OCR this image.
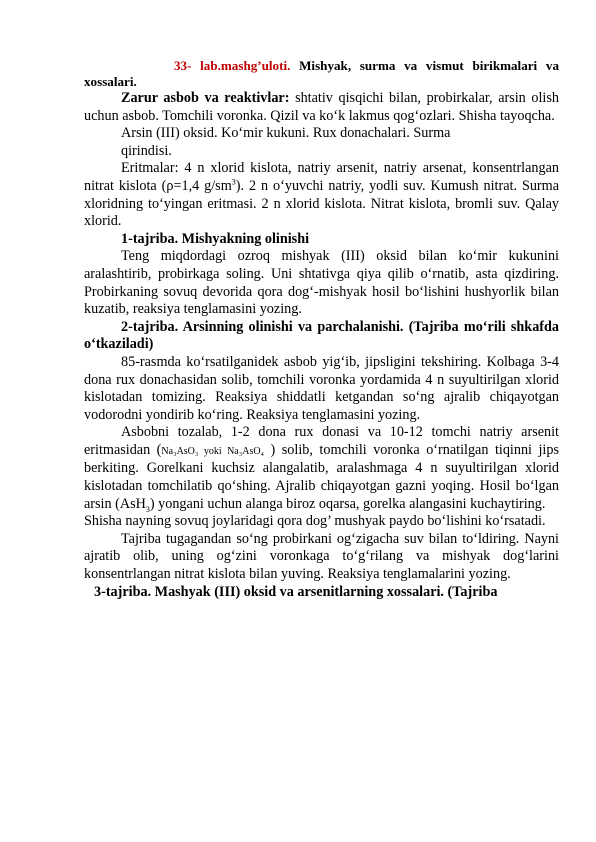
33- lab.mashg’uloti. Mishyak, surma va vismut birikmalari va xossalari.

Zarur asbob va reaktivlar: shtativ qisqichi bilan, probirkalar, arsin olish uchun asbob. Tomchili voronka. Qizil va ko‘k lakmus qog‘ozlari. Shisha tayoqcha.

Arsin (III) oksid. Ko‘mir kukuni. Rux donachalari. Surma qirindisi.

Eritmalar: 4 n xlorid kislota, natriy arsenit, natriy arsenat, konsentrlangan nitrat kislota (ρ=1,4 $g/sm^3$). 2 n o‘yuvchi natriy, yodli suv. Kumush nitrat. Surma xloridning to‘yingan eritmasi. 2 n xlorid kislota. Nitrat kislota, bromli suv. Qalay xlorid.

1-tajriba. Mishyakning olinishi

Teng miqdordagi ozroq mishyak (III) oksid bilan ko‘mir kukunini aralashtirib, probirkaga soling. Uni shtativga qiya qilib o‘rnatib, asta qizdiring. Probirkaning sovuq devorida qora dog‘-mishyak hosil bo‘lishini hushyorlik bilan kuzatib, reaksiya tenglamasini yozing.

2-tajriba. Arsinning olinishi va parchalanishi. (Tajriba mo‘rili shkafda o‘tkaziladi)

85-rasmda ko‘rsatilganidek asbob yig‘ib, jipsligini tekshiring. Kolbaga 3-4 dona rux donachasidan solib, tomchili voronka yordamida 4 n suyultirilgan xlorid kislotadan tomizing. Reaksiya shiddatli ketgandan so‘ng ajralib chiqayotgan vodorodni yondirib ko‘ring. Reaksiya tenglamasini yozing.

Asbobni tozalab, 1-2 dona rux donasi va 10-12 tomchi natriy arsenit eritmasidan (Na₃AsO₃ yoki Na₃AsO₄ ) solib, tomchili voronka o‘rnatilgan tiqinni jips berkiting. Gorelkani kuchsiz alangalatib, aralashmaga 4 n suyultirilgan xlorid kislotadan tomchilatib qo‘shing. Ajralib chiqayotgan gazni yoqing. Hosil bo‘lgan arsin (AsH$_3$) yongani uchun alanga biroz oqarsa, gorelka alangasini kuchaytiring.

Shisha nayning sovuq joylaridagi qora dog’ mushyak paydo bo‘lishini ko‘rsatadi.

Tajriba tugagandan so‘ng probirkani og‘zigacha suv bilan to‘ldiring. Nayni ajratib olib, uning og‘zini voronkaga to‘g‘rilang va mishyak dog‘larini konsentrlangan nitrat kislota bilan yuving. Reaksiya tenglamalarini yozing.

3-tajriba. Mashyak (III) oksid va arsenitlarning xossalari. (Tajriba
